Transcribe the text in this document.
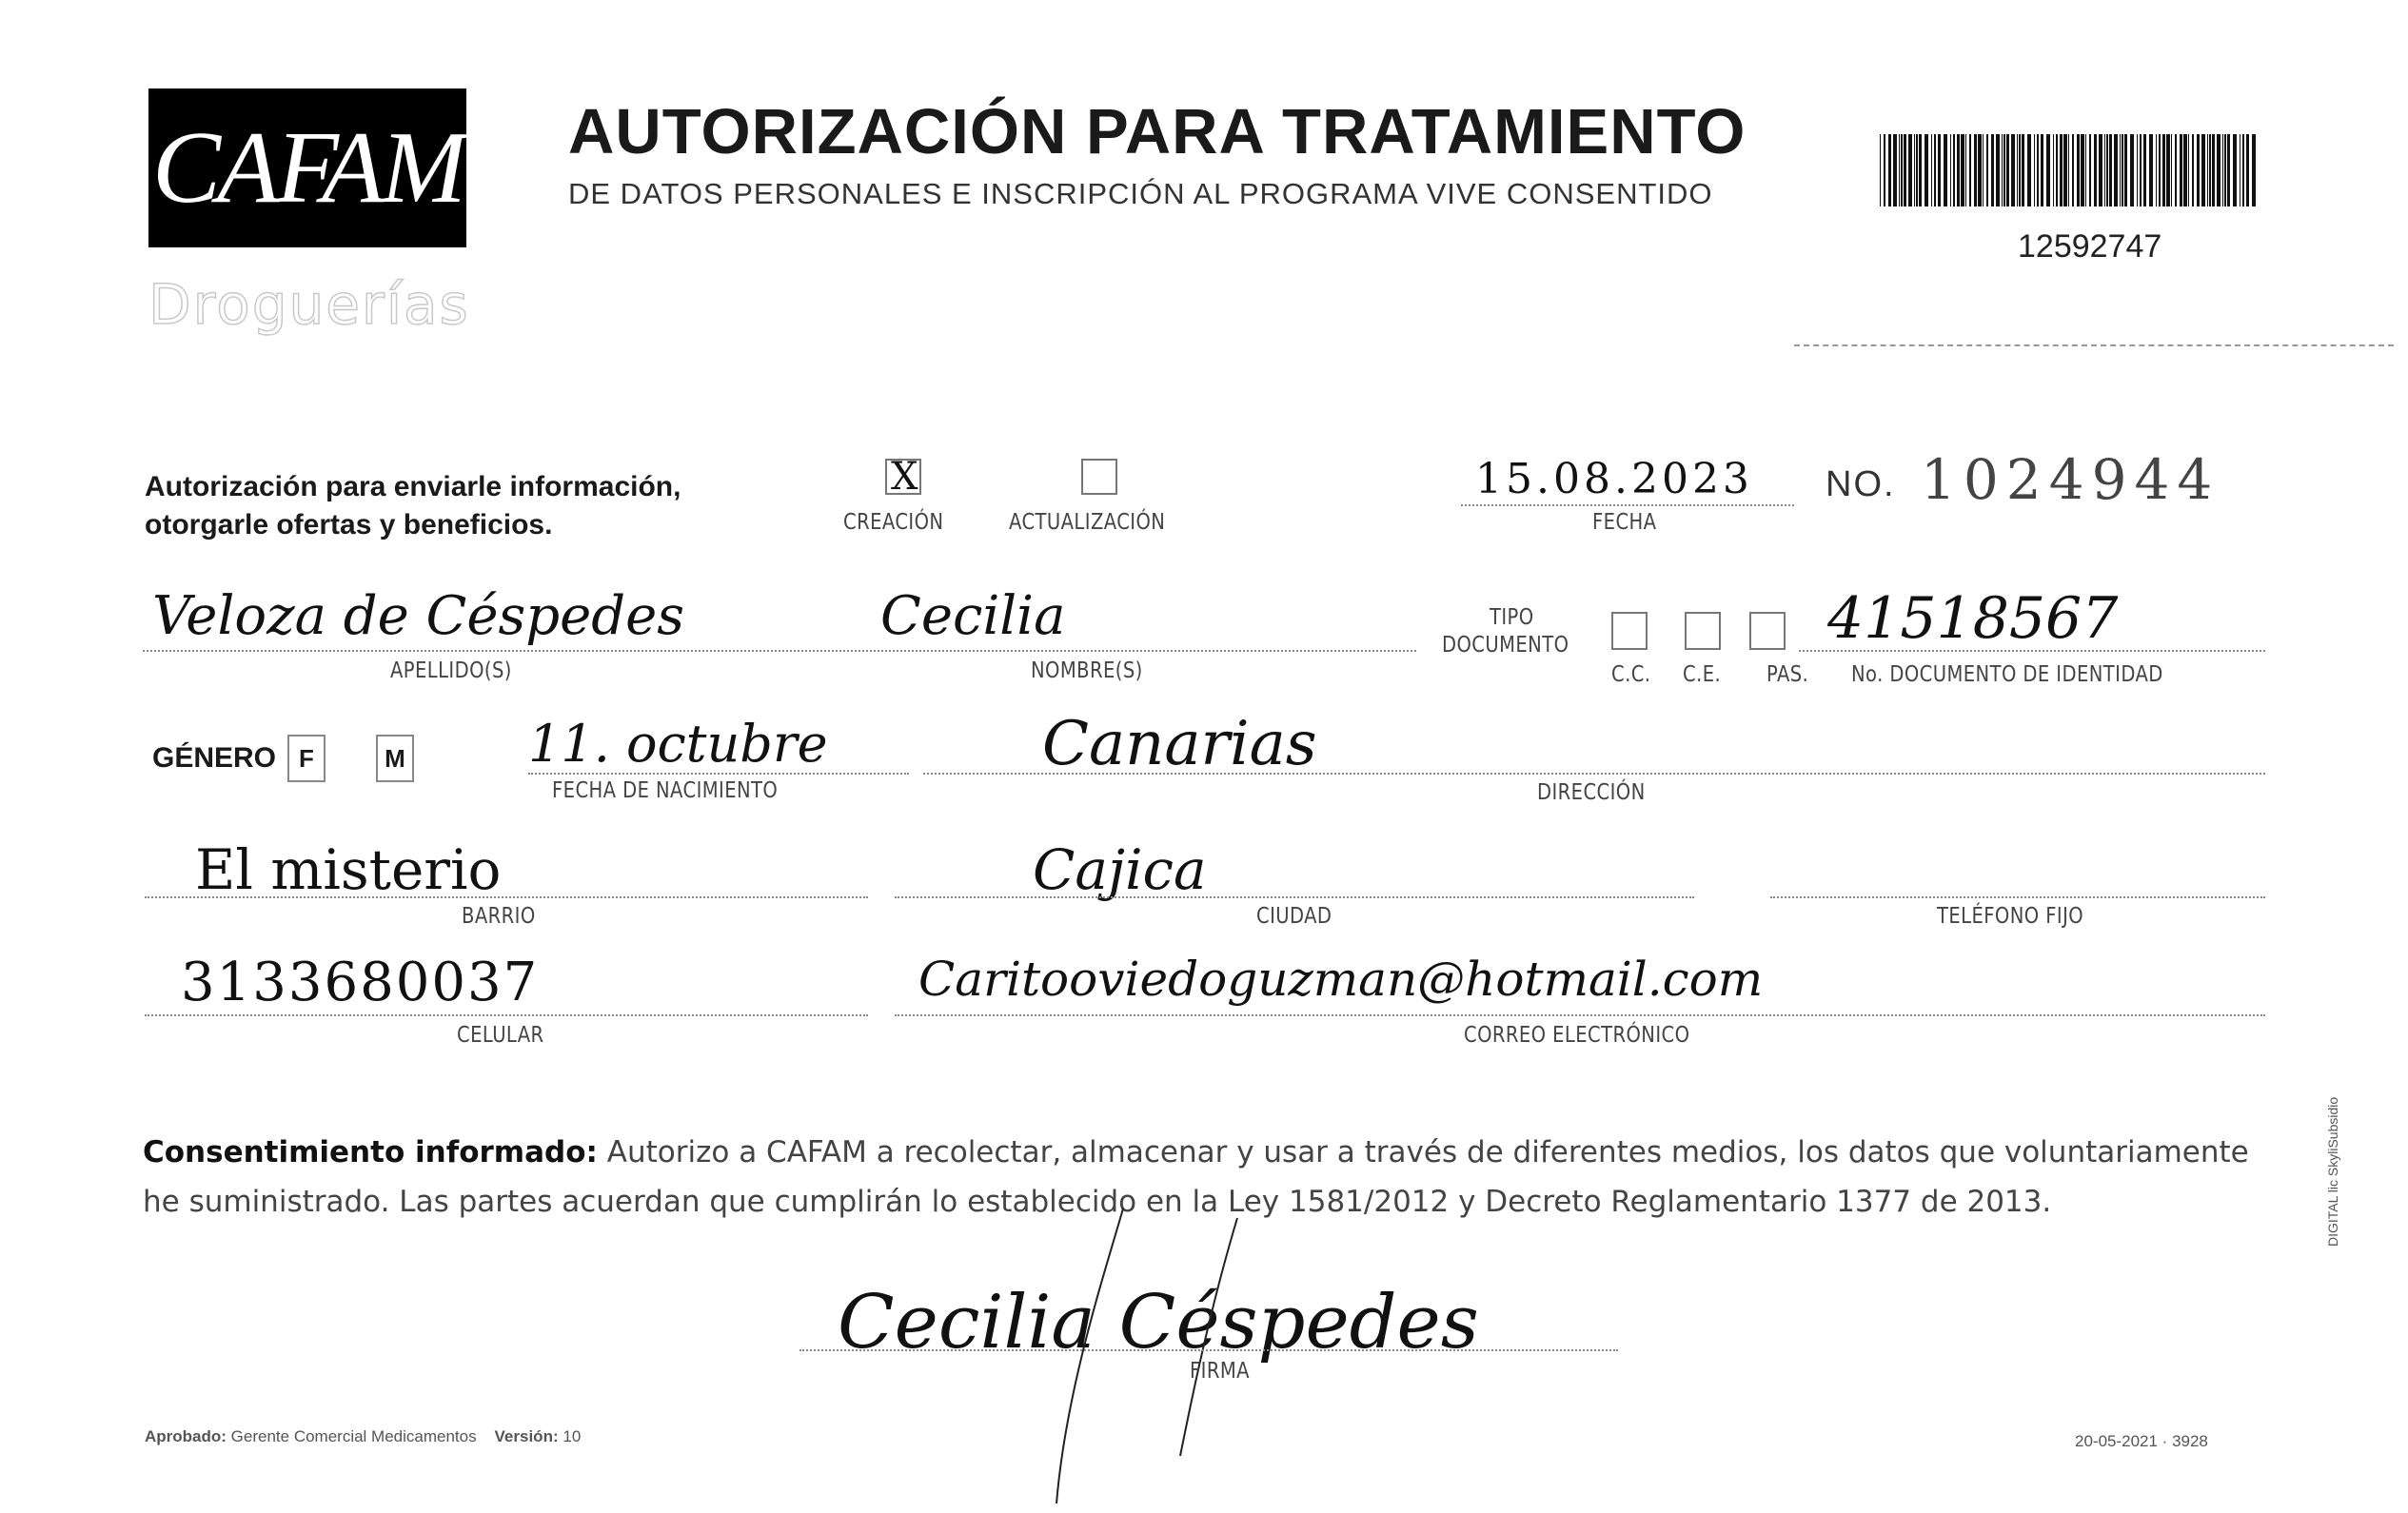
CAFAM
Droguerías
AUTORIZACIÓN PARA TRATAMIENTO
DE DATOS PERSONALES E INSCRIPCIÓN AL PROGRAMA VIVE CONSENTIDO
12592747
Autorización para enviarle información,
otorgarle ofertas y beneficios.
X
CREACIÓN	ACTUALIZACIÓN
15.08.2023
FECHA
NO. 1024944
Veloza de Céspedes
APELLIDO(S)
Cecilia
NOMBRE(S)
TIPO
DOCUMENTO
C.C. C.E. PAS.
41518567
No. DOCUMENTO DE IDENTIDAD
GÉNERO F	M 11. octubre
FECHA DE NACIMIENTO
Canarias
DIRECCIÓN
El misterio
BARRIO
Cajica
CIUDAD	TELÉFONO FIJO
3133680037
CELULAR
Caritooviedoguzman@hotmail.com
CORREO ELECTRÓNICO
Consentimiento informado: Autorizo a CAFAM a recolectar, almacenar y usar a través de diferentes medios, los datos que voluntariamente he suministrado. Las partes acuerdan que cumplirán lo establecido en la Ley 1581/2012 y Decreto Reglamentario 1377 de 2013.
Cecilia Céspedes
FIRMA
Aprobado: Gerente Comercial Medicamentos Versión: 10	20-05-2021 · 3928
DIGITAL lic SkyliSubsidio
